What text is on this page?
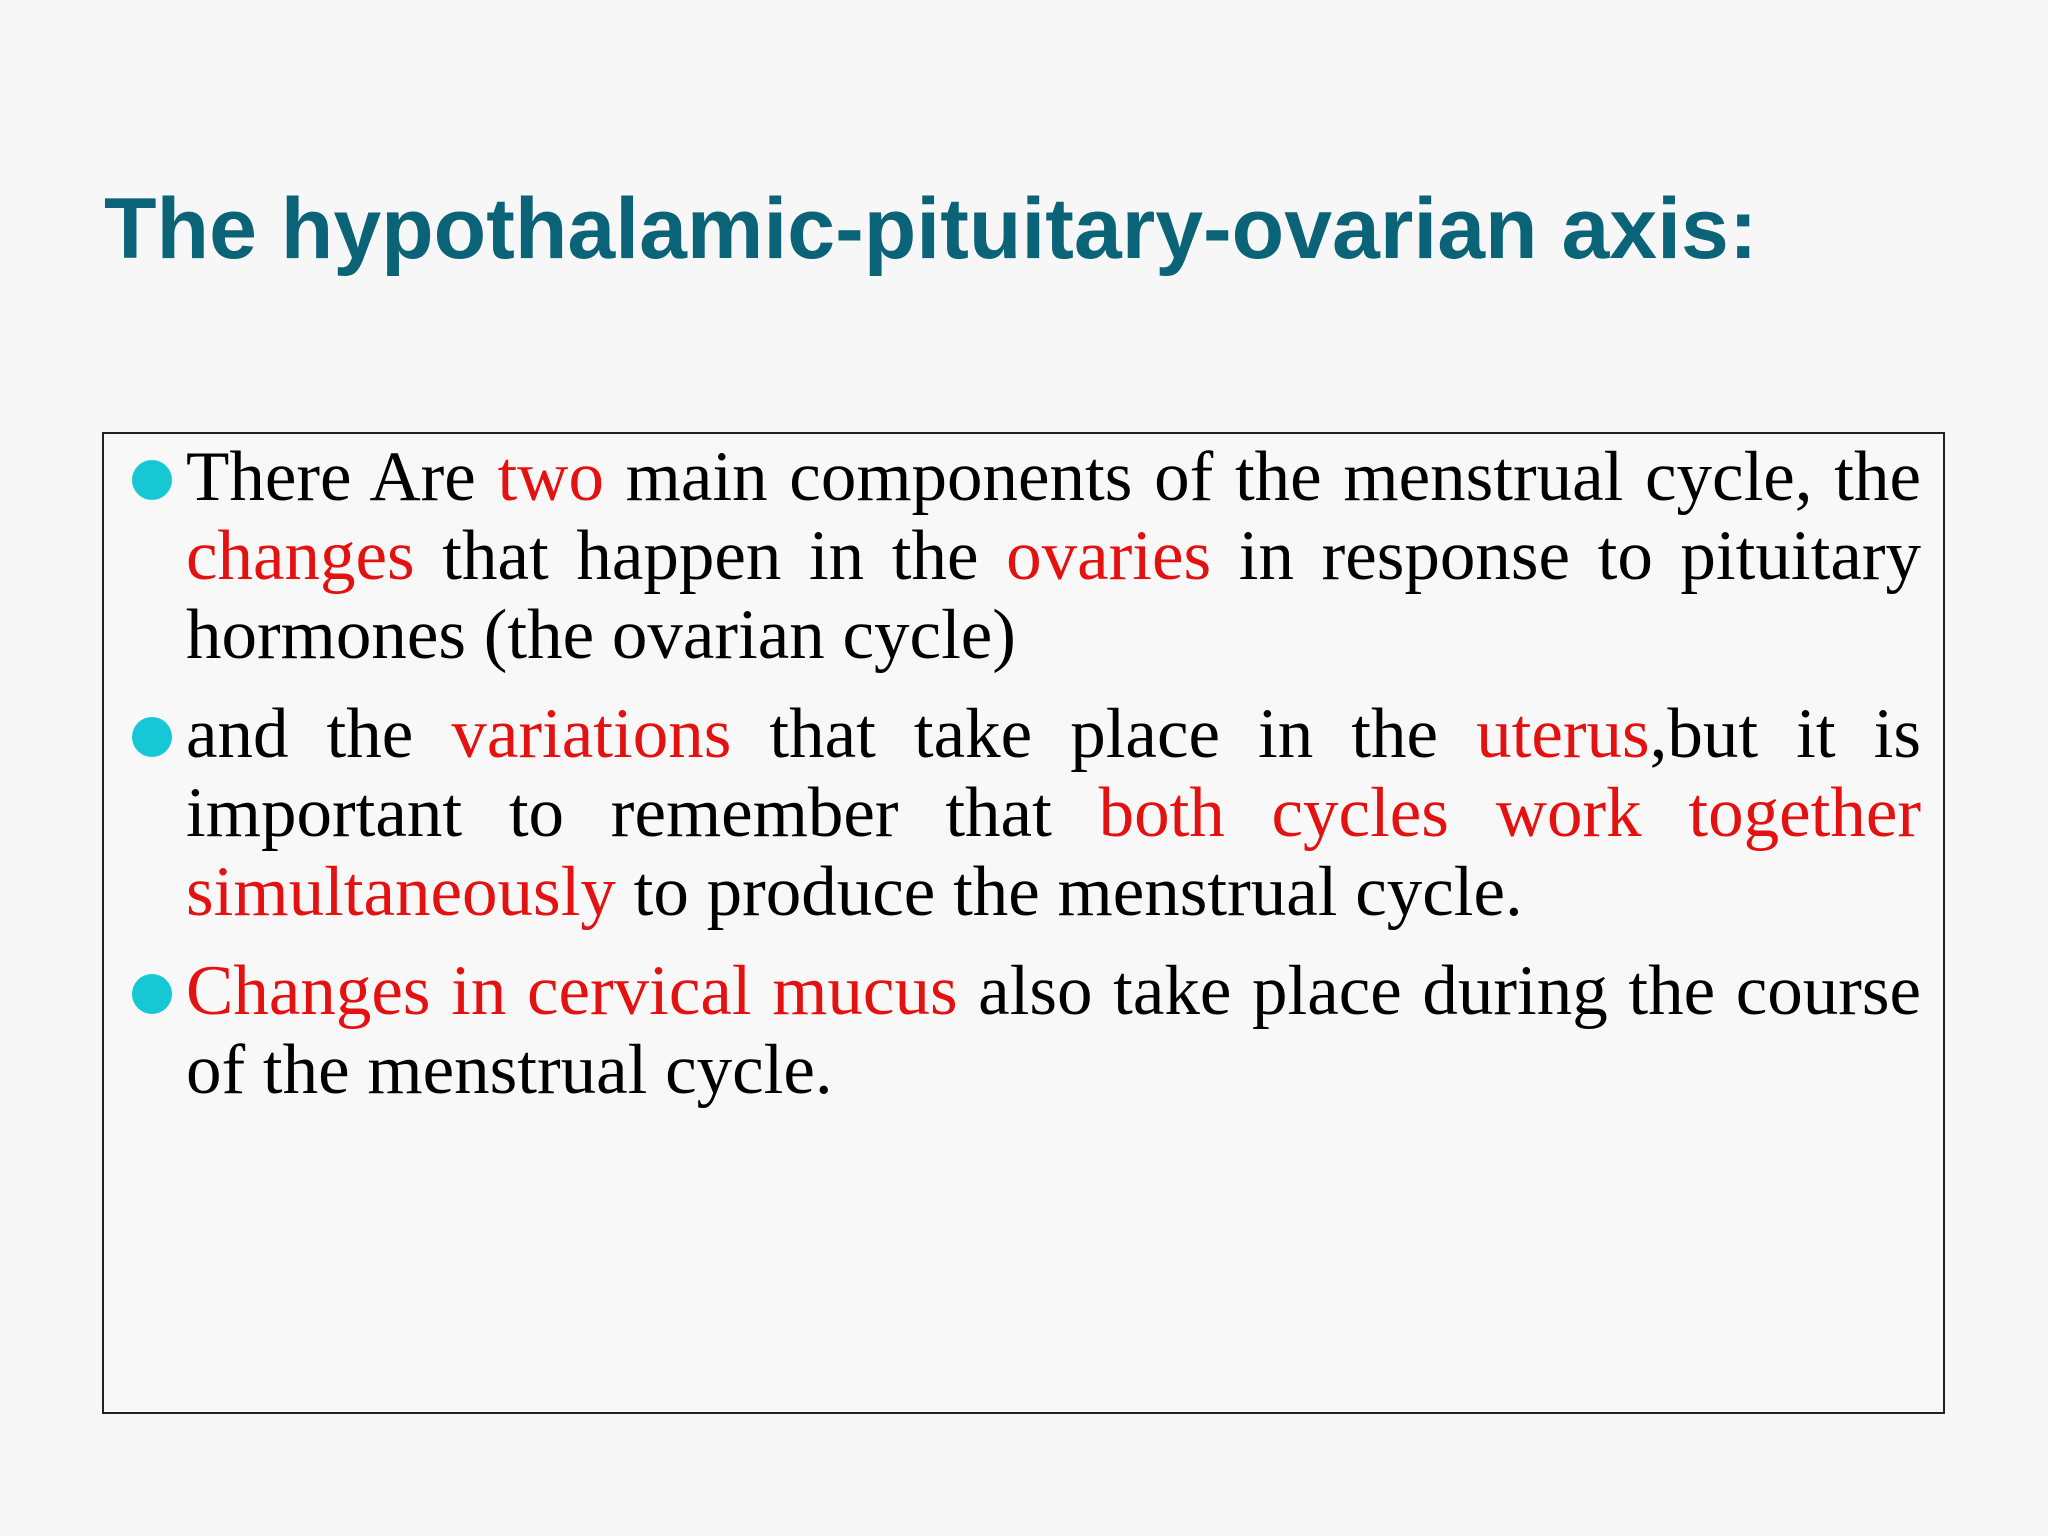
The hypothalamic-pituitary-ovarian axis:
There Are two main components of the menstrual cycle, the changes that happen in the ovaries in response to pituitary hormones (the ovarian cycle)
and the variations that take place in the uterus,but it is important to remember that both cycles work together simultaneously to produce the menstrual cycle.
Changes in cervical mucus also take place during the course of the menstrual cycle.
